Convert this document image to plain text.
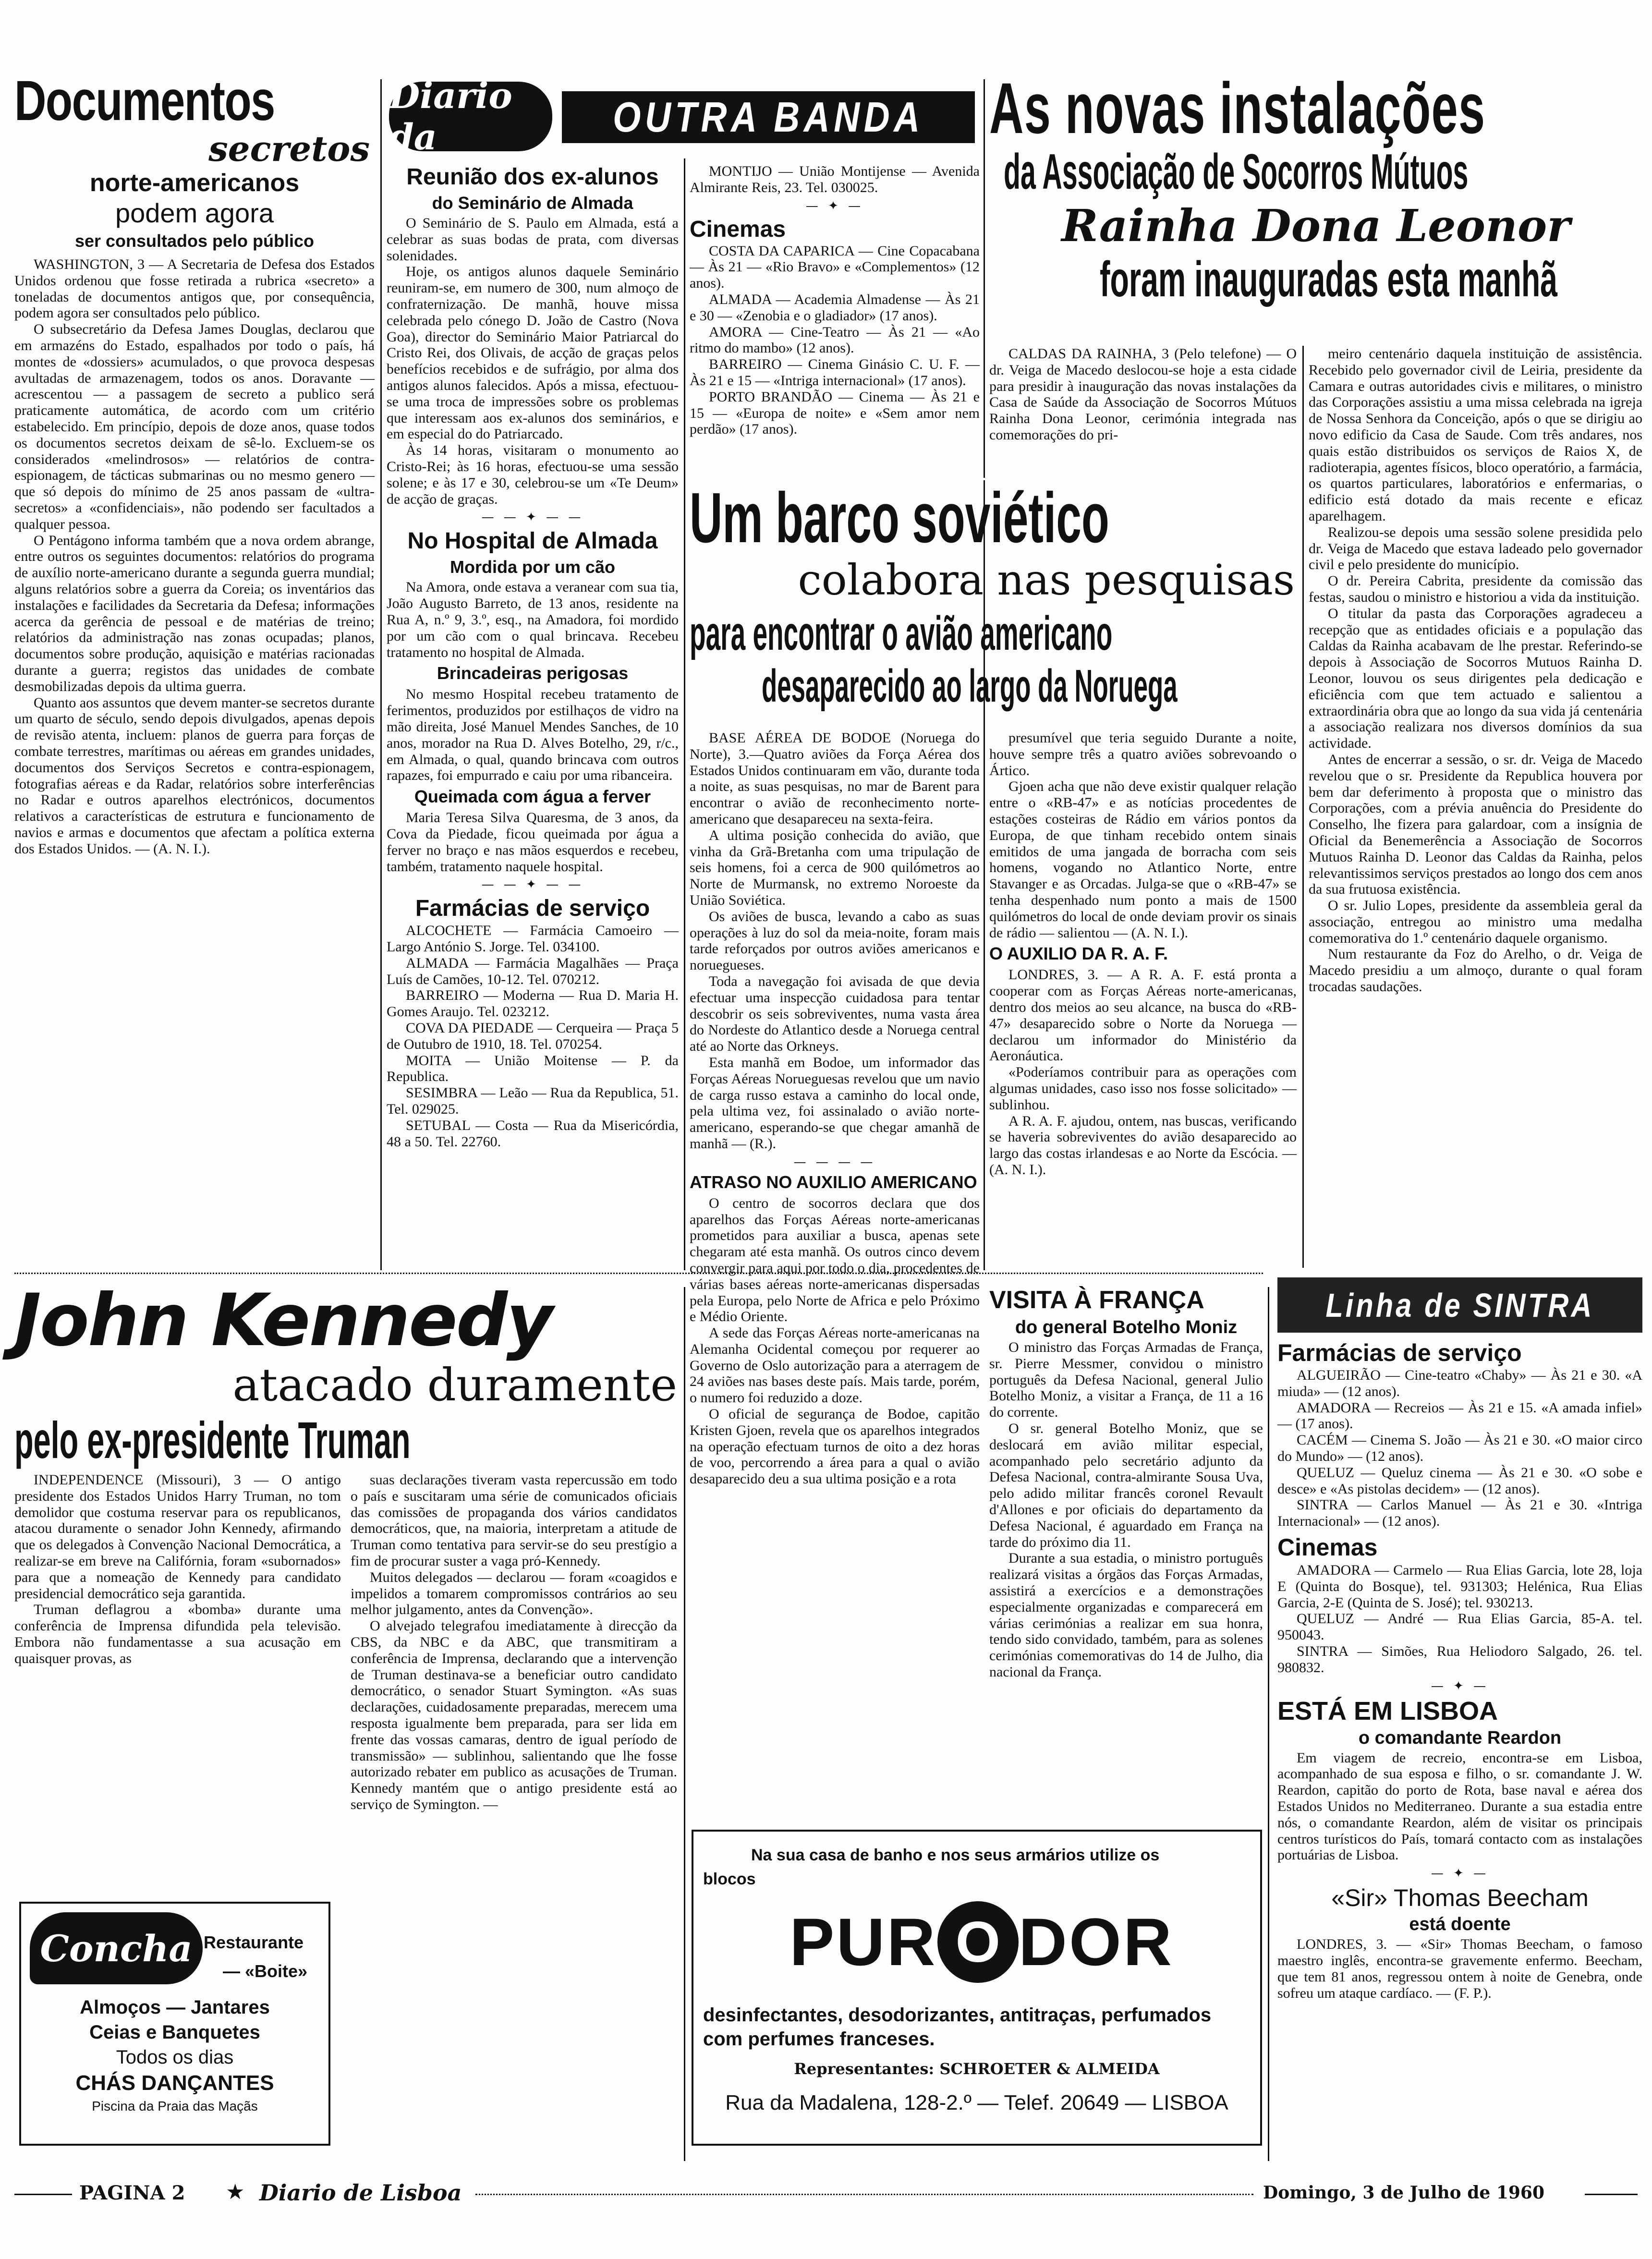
Documentos
secretos
norte-americanos
podem agora
ser consultados pelo público

WASHINGTON, 3 — A Secretaria de Defesa dos Estados Unidos ordenou que fosse retirada a rubrica «secreto» a toneladas de documentos antigos que, por consequência, podem agora ser consultados pelo público.

O subsecretário da Defesa James Douglas, declarou que em armazéns do Estado, espalhados por todo o país, há montes de «dossiers» acumulados, o que provoca despesas avultadas de armazenagem, todos os anos. Doravante — acrescentou — a passagem de secreto a publico será praticamente automática, de acordo com um critério estabelecido. Em princípio, depois de doze anos, quase todos os documentos secretos deixam de sê-lo. Excluem-se os considerados «melindrosos» — relatórios de contra-espionagem, de tácticas submarinas ou no mesmo genero — que só depois do mínimo de 25 anos passam de «ultra-secretos» a «confidenciais», não podendo ser facultados a qualquer pessoa.

O Pentágono informa também que a nova ordem abrange, entre outros os seguintes documentos: relatórios do programa de auxílio norte-americano durante a segunda guerra mundial; alguns relatórios sobre a guerra da Coreia; os inventários das instalações e facilidades da Secretaria da Defesa; informações acerca da gerência de pessoal e de matérias de treino; relatórios da administração nas zonas ocupadas; planos, documentos sobre produção, aquisição e matérias racionadas durante a guerra; registos das unidades de combate desmobilizadas depois da ultima guerra.

Quanto aos assuntos que devem manter-se secretos durante um quarto de século, sendo depois divulgados, apenas depois de revisão atenta, incluem: planos de guerra para forças de combate terrestres, marítimas ou aéreas em grandes unidades, documentos dos Serviços Secretos e contra-espionagem, fotografias aéreas e da Radar, relatórios sobre interferências no Radar e outros aparelhos electrónicos, documentos relativos a características de estrutura e funcionamento de navios e armas e documentos que afectam a política externa dos Estados Unidos. — (A. N. I.).

Diario da	OUTRA BANDA
Reunião dos ex-alunos
do Seminário de Almada

O Seminário de S. Paulo em Almada, está a celebrar as suas bodas de prata, com diversas solenidades.

Hoje, os antigos alunos daquele Seminário reuniram-se, em numero de 300, num almoço de confraternização. De manhã, houve missa celebrada pelo cónego D. João de Castro (Nova Goa), director do Seminário Maior Patriarcal do Cristo Rei, dos Olivais, de acção de graças pelos benefícios recebidos e de sufrágio, por alma dos antigos alunos falecidos. Após a missa, efectuou-se uma troca de impressões sobre os problemas que interessam aos ex-alunos dos seminários, e em especial do do Patriarcado.

Às 14 horas, visitaram o monumento ao Cristo-Rei; às 16 horas, efectuou-se uma sessão solene; e às 17 e 30, celebrou-se um «Te Deum» de acção de graças.

— — ✦ — —
No Hospital de Almada
Mordida por um cão

Na Amora, onde estava a veranear com sua tia, João Augusto Barreto, de 13 anos, residente na Rua A, n.º 9, 3.º, esq., na Amadora, foi mordido por um cão com o qual brincava. Recebeu tratamento no hospital de Almada.

Brincadeiras perigosas

No mesmo Hospital recebeu tratamento de ferimentos, produzidos por estilhaços de vidro na mão direita, José Manuel Mendes Sanches, de 10 anos, morador na Rua D. Alves Botelho, 29, r/c., em Almada, o qual, quando brincava com outros rapazes, foi empurrado e caiu por uma ribanceira.

Queimada com água a ferver

Maria Teresa Silva Quaresma, de 3 anos, da Cova da Piedade, ficou queimada por água a ferver no braço e nas mãos esquerdos e recebeu, também, tratamento naquele hospital.

— — ✦ — —
Farmácias de serviço

ALCOCHETE — Farmácia Camoeiro — Largo António S. Jorge. Tel. 034100.

ALMADA — Farmácia Magalhães — Praça Luís de Camões, 10-12. Tel. 070212.

BARREIRO — Moderna — Rua D. Maria H. Gomes Araujo. Tel. 023212.

COVA DA PIEDADE — Cerqueira — Praça 5 de Outubro de 1910, 18. Tel. 070254.

MOITA — União Moitense — P. da Republica.

SESIMBRA — Leão — Rua da Republica, 51. Tel. 029025.

SETUBAL — Costa — Rua da Misericórdia, 48 a 50. Tel. 22760.

MONTIJO — União Montijense — Avenida Almirante Reis, 23. Tel. 030025.

— ✦ —
Cinemas

COSTA DA CAPARICA — Cine Copacabana — Às 21 — «Rio Bravo» e «Complementos» (12 anos).

ALMADA — Academia Almadense — Às 21 e 30 — «Zenobia e o gladiador» (17 anos).

AMORA — Cine-Teatro — Às 21 — «Ao ritmo do mambo» (12 anos).

BARREIRO — Cinema Ginásio C. U. F. — Às 21 e 15 — «Intriga internacional» (17 anos).

PORTO BRANDÃO — Cinema — Às 21 e 15 — «Europa de noite» e «Sem amor nem perdão» (17 anos).

As novas instalações
da Associação de Socorros Mútuos
Rainha Dona Leonor
foram inauguradas esta manhã

CALDAS DA RAINHA, 3 (Pelo telefone) — O dr. Veiga de Macedo deslocou-se hoje a esta cidade para presidir à inauguração das novas instalações da Casa de Saúde da Associação de Socorros Mútuos Rainha Dona Leonor, cerimónia integrada nas comemorações do pri-

meiro centenário daquela instituição de assistência. Recebido pelo governador civil de Leiria, presidente da Camara e outras autoridades civis e militares, o ministro das Corporações assistiu a uma missa celebrada na igreja de Nossa Senhora da Conceição, após o que se dirigiu ao novo edificio da Casa de Saude. Com três andares, nos quais estão distribuidos os serviços de Raios X, de radioterapia, agentes físicos, bloco operatório, a farmácia, os quartos particulares, laboratórios e enfermarias, o edificio está dotado da mais recente e eficaz aparelhagem.

Realizou-se depois uma sessão solene presidida pelo dr. Veiga de Macedo que estava ladeado pelo governador civil e pelo presidente do município.

O dr. Pereira Cabrita, presidente da comissão das festas, saudou o ministro e historiou a vida da instituição.

O titular da pasta das Corporações agradeceu a recepção que as entidades oficiais e a população das Caldas da Rainha acabavam de lhe prestar. Referindo-se depois à Associação de Socorros Mutuos Rainha D. Leonor, louvou os seus dirigentes pela dedicação e eficiência com que tem actuado e salientou a extraordinária obra que ao longo da sua vida já centenária a associação realizara nos diversos domínios da sua actividade.

Antes de encerrar a sessão, o sr. dr. Veiga de Macedo revelou que o sr. Presidente da Republica houvera por bem dar deferimento à proposta que o ministro das Corporações, com a prévia anuência do Presidente do Conselho, lhe fizera para galardoar, com a insígnia de Oficial da Benemerência a Associação de Socorros Mutuos Rainha D. Leonor das Caldas da Rainha, pelos relevantissimos serviços prestados ao longo dos cem anos da sua frutuosa existência.

O sr. Julio Lopes, presidente da assembleia geral da associação, entregou ao ministro uma medalha comemorativa do 1.º centenário daquele organismo.

Num restaurante da Foz do Arelho, o dr. Veiga de Macedo presidiu a um almoço, durante o qual foram trocadas saudações.

Um barco soviético
colabora nas pesquisas
para encontrar o avião americano
desaparecido ao largo da Noruega

BASE AÉREA DE BODOE (Noruega do Norte), 3.—Quatro aviões da Força Aérea dos Estados Unidos continuaram em vão, durante toda a noite, as suas pesquisas, no mar de Barent para encontrar o avião de reconhecimento norte-americano que desapareceu na sexta-feira.

A ultima posição conhecida do avião, que vinha da Grã-Bretanha com uma tripulação de seis homens, foi a cerca de 900 quilómetros ao Norte de Murmansk, no extremo Noroeste da União Soviética.

Os aviões de busca, levando a cabo as suas operações à luz do sol da meia-noite, foram mais tarde reforçados por outros aviões americanos e noruegueses.

Toda a navegação foi avisada de que devia efectuar uma inspecção cuidadosa para tentar descobrir os seis sobreviventes, numa vasta área do Nordeste do Atlantico desde a Noruega central até ao Norte das Orkneys.

Esta manhã em Bodoe, um informador das Forças Aéreas Norueguesas revelou que um navio de carga russo estava a caminho do local onde, pela ultima vez, foi assinalado o avião norte-americano, esperando-se que chegar amanhã de manhã — (R.).

— — — —
ATRASO NO AUXILIO AMERICANO

O centro de socorros declara que dos aparelhos das Forças Aéreas norte-americanas prometidos para auxiliar a busca, apenas sete chegaram até esta manhã. Os outros cinco devem convergir para aqui por todo o dia, procedentes de várias bases aéreas norte-americanas dispersadas pela Europa, pelo Norte de Africa e pelo Próximo e Médio Oriente.

A sede das Forças Aéreas norte-americanas na Alemanha Ocidental começou por requerer ao Governo de Oslo autorização para a aterragem de 24 aviões nas bases deste país. Mais tarde, porém, o numero foi reduzido a doze.

O oficial de segurança de Bodoe, capitão Kristen Gjoen, revela que os aparelhos integrados na operação efectuam turnos de oito a dez horas de voo, percorrendo a área para a qual o avião desaparecido deu a sua ultima posição e a rota

presumível que teria seguido Durante a noite, houve sempre três a quatro aviões sobrevoando o Ártico.

Gjoen acha que não deve existir qualquer relação entre o «RB-47» e as notícias procedentes de estações costeiras de Rádio em vários pontos da Europa, de que tinham recebido ontem sinais emitidos de uma jangada de borracha com seis homens, vogando no Atlantico Norte, entre Stavanger e as Orcadas. Julga-se que o «RB-47» se tenha despenhado num ponto a mais de 1500 quilómetros do local de onde deviam provir os sinais de rádio — salientou — (A. N. I.).

O AUXILIO DA R. A. F.

LONDRES, 3. — A R. A. F. está pronta a cooperar com as Forças Aéreas norte-americanas, dentro dos meios ao seu alcance, na busca do «RB-47» desaparecido sobre o Norte da Noruega — declarou um informador do Ministério da Aeronáutica.

«Poderíamos contribuir para as operações com algumas unidades, caso isso nos fosse solicitado» — sublinhou.

A R. A. F. ajudou, ontem, nas buscas, verificando se haveria sobreviventes do avião desaparecido ao largo das costas irlandesas e ao Norte da Escócia. — (A. N. I.).

John Kennedy
atacado duramente
pelo ex-presidente Truman

INDEPENDENCE (Missouri), 3 — O antigo presidente dos Estados Unidos Harry Truman, no tom demolidor que costuma reservar para os republicanos, atacou duramente o senador John Kennedy, afirmando que os delegados à Convenção Nacional Democrática, a realizar-se em breve na Califórnia, foram «subornados» para que a nomeação de Kennedy para candidato presidencial democrático seja garantida.

Truman deflagrou a «bomba» durante uma conferência de Imprensa difundida pela televisão. Embora não fundamentasse a sua acusação em quaisquer provas, as

suas declarações tiveram vasta repercussão em todo o país e suscitaram uma série de comunicados oficiais das comissões de propaganda dos vários candidatos democráticos, que, na maioria, interpretam a atitude de Truman como tentativa para servir-se do seu prestígio a fim de procurar suster a vaga pró-Kennedy.

Muitos delegados — declarou — foram «coagidos e impelidos a tomarem compromissos contrários ao seu melhor julgamento, antes da Convenção».

O alvejado telegrafou imediatamente à direcção da CBS, da NBC e da ABC, que transmitiram a conferência de Imprensa, declarando que a intervenção de Truman destinava-se a beneficiar outro candidato democrático, o senador Stuart Symington. «As suas declarações, cuidadosamente preparadas, merecem uma resposta igualmente bem preparada, para ser lida em frente das vossas camaras, dentro de igual período de transmissão» — sublinhou, salientando que lhe fosse autorizado rebater em publico as acusações de Truman. Kennedy mantém que o antigo presidente está ao serviço de Symington. —

Concha Restaurante
— «Boite»
Almoços — Jantares
Ceias e Banquetes
Todos os dias
CHÁS DANÇANTES
Piscina da Praia das Maçãs
VISITA À FRANÇA
do general Botelho Moniz

O ministro das Forças Armadas de França, sr. Pierre Messmer, convidou o ministro português da Defesa Nacional, general Julio Botelho Moniz, a visitar a França, de 11 a 16 do corrente.

O sr. general Botelho Moniz, que se deslocará em avião militar especial, acompanhado pelo secretário adjunto da Defesa Nacional, contra-almirante Sousa Uva, pelo adido militar francês coronel Revault d'Allones e por oficiais do departamento da Defesa Nacional, é aguardado em França na tarde do próximo dia 11.

Durante a sua estadia, o ministro português realizará visitas a órgãos das Forças Armadas, assistirá a exercícios e a demonstrações especialmente organizadas e comparecerá em várias cerimónias a realizar em sua honra, tendo sido convidado, também, para as solenes cerimónias comemorativas do 14 de Julho, dia nacional da França.

Na sua casa de banho e nos seus armários utilize os
blocos
PUR O DOR
desinfectantes, desodorizantes, antitraças, perfumados
com perfumes franceses.
Representantes: SCHROETER & ALMEIDA
Rua da Madalena, 128-2.º — Telef. 20649 — LISBOA
Linha de SINTRA
Farmácias de serviço

ALGUEIRÃO — Cine-teatro «Chaby» — Às 21 e 30. «A miuda» — (12 anos).

AMADORA — Recreios — Às 21 e 15. «A amada infiel» — (17 anos).

CACÉM — Cinema S. João — Às 21 e 30. «O maior circo do Mundo» — (12 anos).

QUELUZ — Queluz cinema — Às 21 e 30. «O sobe e desce» e «As pistolas decidem» — (12 anos).

SINTRA — Carlos Manuel — Às 21 e 30. «Intriga Internacional» — (12 anos).

Cinemas

AMADORA — Carmelo — Rua Elias Garcia, lote 28, loja E (Quinta do Bosque), tel. 931303; Helénica, Rua Elias Garcia, 2-E (Quinta de S. José); tel. 930213.

QUELUZ — André — Rua Elias Garcia, 85-A. tel. 950043.

SINTRA — Simões, Rua Heliodoro Salgado, 26. tel. 980832.

— ✦ —
ESTÁ EM LISBOA
o comandante Reardon

Em viagem de recreio, encontra-se em Lisboa, acompanhado de sua esposa e filho, o sr. comandante J. W. Reardon, capitão do porto de Rota, base naval e aérea dos Estados Unidos no Mediterraneo. Durante a sua estadia entre nós, o comandante Reardon, além de visitar os principais centros turísticos do País, tomará contacto com as instalações portuárias de Lisboa.

— ✦ —
«Sir» Thomas Beecham
está doente

LONDRES, 3. — «Sir» Thomas Beecham, o famoso maestro inglês, encontra-se gravemente enfermo. Beecham, que tem 81 anos, regressou ontem à noite de Genebra, onde sofreu um ataque cardíaco. — (F. P.).

PAGINA 2 ★ Diario de Lisboa	Domingo, 3 de Julho de 1960
